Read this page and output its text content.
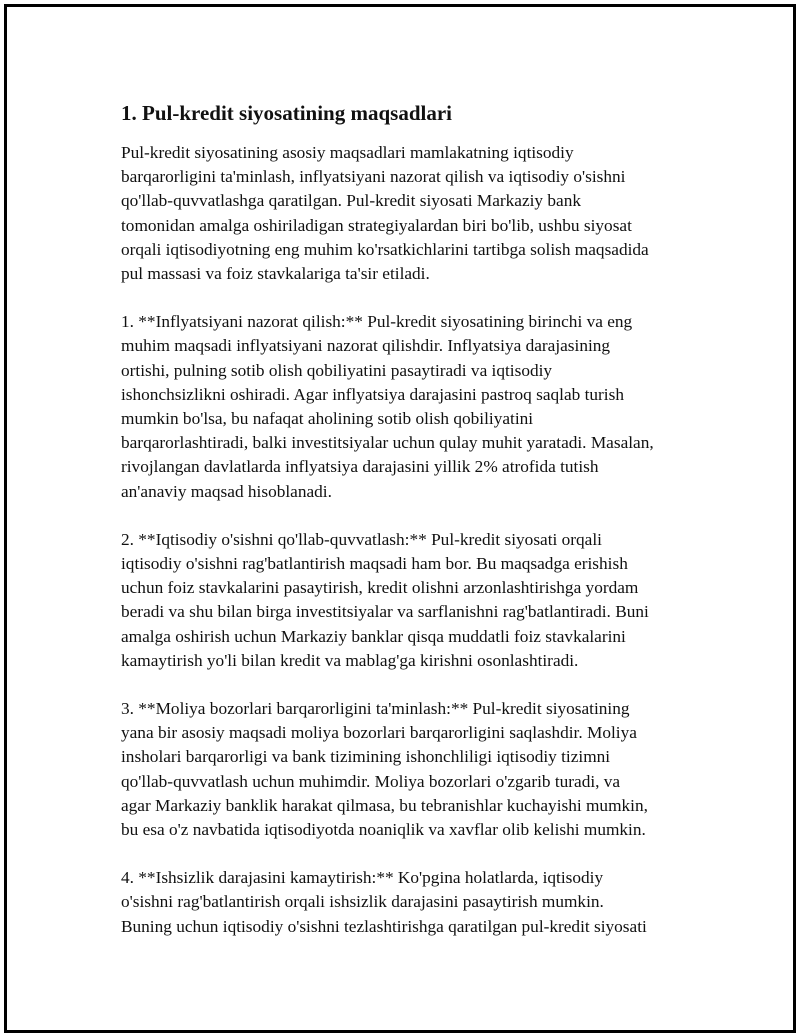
1. Pul-kredit siyosatining maqsadlari

Pul-kredit siyosatining asosiy maqsadlari mamlakatning iqtisodiy
barqarorligini ta'minlash, inflyatsiyani nazorat qilish va iqtisodiy o'sishni
qo'llab-quvvatlashga qaratilgan. Pul-kredit siyosati Markaziy bank
tomonidan amalga oshiriladigan strategiyalardan biri bo'lib, ushbu siyosat
orqali iqtisodiyotning eng muhim ko'rsatkichlarini tartibga solish maqsadida
pul massasi va foiz stavkalariga ta'sir etiladi.

1. **Inflyatsiyani nazorat qilish:** Pul-kredit siyosatining birinchi va eng
muhim maqsadi inflyatsiyani nazorat qilishdir. Inflyatsiya darajasining
ortishi, pulning sotib olish qobiliyatini pasaytiradi va iqtisodiy
ishonchsizlikni oshiradi. Agar inflyatsiya darajasini pastroq saqlab turish
mumkin bo'lsa, bu nafaqat aholining sotib olish qobiliyatini
barqarorlashtiradi, balki investitsiyalar uchun qulay muhit yaratadi. Masalan,
rivojlangan davlatlarda inflyatsiya darajasini yillik 2% atrofida tutish
an'anaviy maqsad hisoblanadi.

2. **Iqtisodiy o'sishni qo'llab-quvvatlash:** Pul-kredit siyosati orqali
iqtisodiy o'sishni rag'batlantirish maqsadi ham bor. Bu maqsadga erishish
uchun foiz stavkalarini pasaytirish, kredit olishni arzonlashtirishga yordam
beradi va shu bilan birga investitsiyalar va sarflanishni rag'batlantiradi. Buni
amalga oshirish uchun Markaziy banklar qisqa muddatli foiz stavkalarini
kamaytirish yo'li bilan kredit va mablag'ga kirishni osonlashtiradi.

3. **Moliya bozorlari barqarorligini ta'minlash:** Pul-kredit siyosatining
yana bir asosiy maqsadi moliya bozorlari barqarorligini saqlashdir. Moliya
insholari barqarorligi va bank tizimining ishonchliligi iqtisodiy tizimni
qo'llab-quvvatlash uchun muhimdir. Moliya bozorlari o'zgarib turadi, va
agar Markaziy banklik harakat qilmasa, bu tebranishlar kuchayishi mumkin,
bu esa o'z navbatida iqtisodiyotda noaniqlik va xavflar olib kelishi mumkin.

4. **Ishsizlik darajasini kamaytirish:** Ko'pgina holatlarda, iqtisodiy
o'sishni rag'batlantirish orqali ishsizlik darajasini pasaytirish mumkin.
Buning uchun iqtisodiy o'sishni tezlashtirishga qaratilgan pul-kredit siyosati
